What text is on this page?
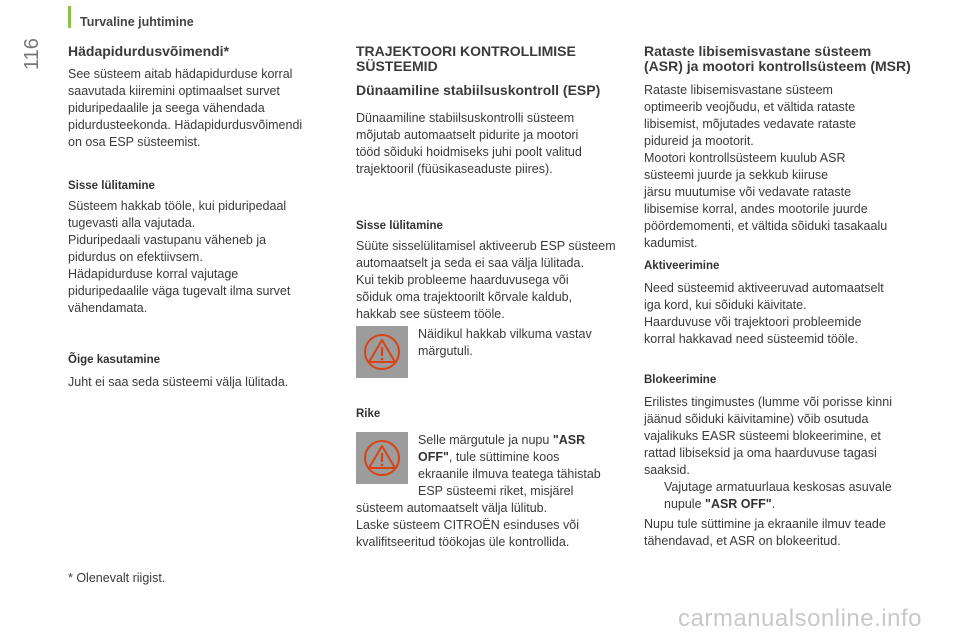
Turvaline juhtimine
116 Hädapidurdusvõimendi*

See süsteem aitab hädapidurduse korral

saavutada kiiremini optimaalset survet

piduripedaalile ja seega vähendada

pidurdusteekonda. Hädapidurdusvõimendi

on osa ESP süsteemist.

Sisse lülitamine

Süsteem hakkab tööle, kui piduripedaal

tugevasti alla vajutada.

Piduripedaali vastupanu väheneb ja

pidurdus on efektiivsem.

Hädapidurduse korral vajutage

piduripedaalile väga tugevalt ilma survet

vähendamata.

Õige kasutamine
Juht ei saa seda süsteemi välja lülitada.
TRAJEKTOORI KONTROLLIMISE
SÜSTEEMID
Dünaamiline stabiilsuskontroll (ESP)

Dünaamiline stabiilsuskontrolli süsteem

mõjutab automaatselt pidurite ja mootori

tööd sõiduki hoidmiseks juhi poolt valitud

trajektooril (füüsikaseaduste piires).

Sisse lülitamine

Süüte sisselülitamisel aktiveerub ESP süsteem

automaatselt ja seda ei saa välja lülitada.

Kui tekib probleeme haarduvusega või

sõiduk oma trajektoorilt kõrvale kaldub,

hakkab see süsteem tööle.

Näidikul hakkab vilkuma vastav

märgutuli.

Rike

Selle märgutule ja nupu "ASR

OFF", tule süttimine koos

ekraanile ilmuva teatega tähistab

ESP süsteemi riket, misjärel

süsteem automaatselt välja lülitub.

Laske süsteem CITROËN esinduses või

kvalifitseeritud töökojas üle kontrollida.

Rataste libisemisvastane süsteem
(ASR) ja mootori kontrollsüsteem (MSR)

Rataste libisemisvastane süsteem

optimeerib veojõudu, et vältida rataste

libisemist, mõjutades vedavate rataste

pidureid ja mootorit.

Mootori kontrollsüsteem kuulub ASR

süsteemi juurde ja sekkub kiiruse

järsu muutumise või vedavate rataste

libisemise korral, andes mootorile juurde

pöördemomenti, et vältida sõiduki tasakaalu

kadumist.

Aktiveerimine

Need süsteemid aktiveeruvad automaatselt

iga kord, kui sõiduki käivitate.

Haarduvuse või trajektoori probleemide

korral hakkavad need süsteemid tööle.

Blokeerimine

Erilistes tingimustes (lumme või porisse kinni

jäänud sõiduki käivitamine) võib osutuda

vajalikuks EASR süsteemi blokeerimine, et

rattad libiseksid ja oma haarduvuse tagasi

saaksid.

Vajutage armatuurlaua keskosas asuvale

nupule "ASR OFF".

Nupu tule süttimine ja ekraanile ilmuv teade

tähendavad, et ASR on blokeeritud.

* Olenevalt riigist.
carmanualsonline.info
